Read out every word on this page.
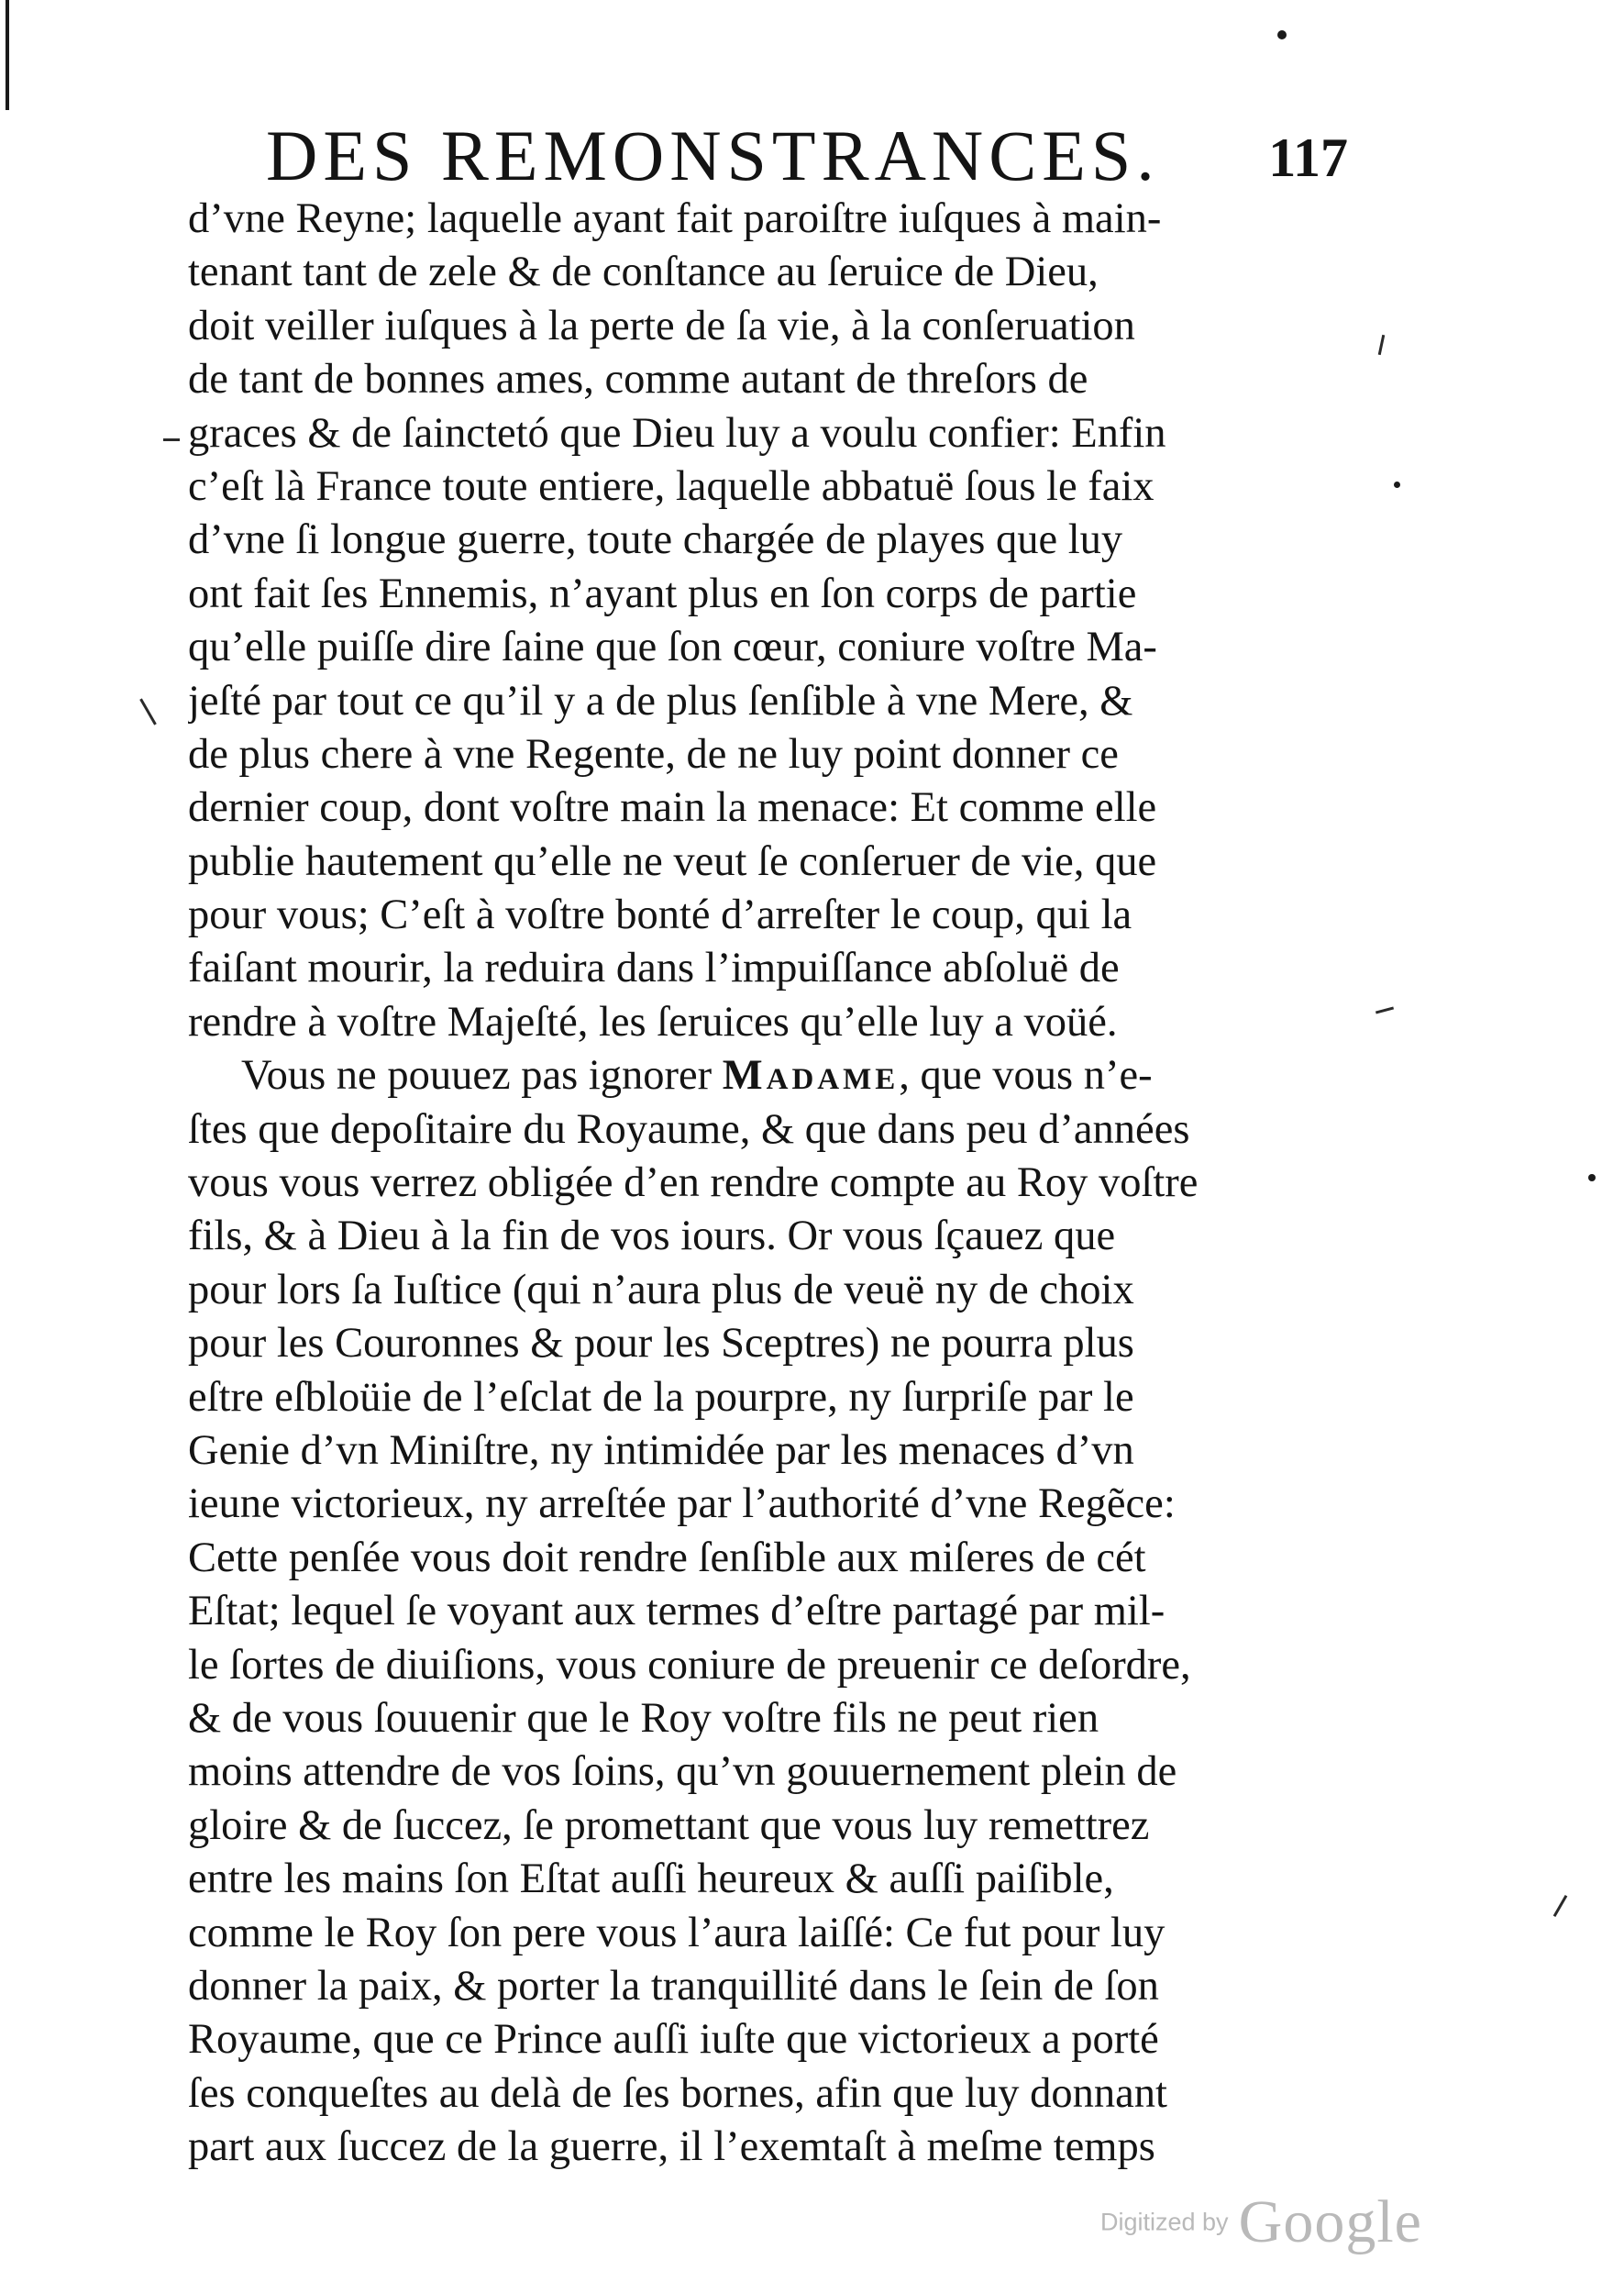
DES REMONSTRANCES. 117
d’vne Reyne; laquelle ayant fait paroiſtre iuſques à main-
tenant tant de zele & de conſtance au ſeruice de Dieu,
doit veiller iuſques à la perte de ſa vie, à la conſeruation
de tant de bonnes ames, comme autant de threſors de
graces & de ſainctetó que Dieu luy a voulu confier: Enfin
c’eſt là France toute entiere, laquelle abbatuë ſous le faix
d’vne ſi longue guerre, toute chargée de playes que luy
ont fait ſes Ennemis, n’ayant plus en ſon corps de partie
qu’elle puiſſe dire ſaine que ſon cœur, coniure voſtre Ma-
jeſté par tout ce qu’il y a de plus ſenſible à vne Mere, &
de plus chere à vne Regente, de ne luy point donner ce
dernier coup, dont voſtre main la menace: Et comme elle
publie hautement qu’elle ne veut ſe conſeruer de vie, que
pour vous; C’eſt à voſtre bonté d’arreſter le coup, qui la
faiſant mourir, la reduira dans l’impuiſſance abſoluë de
rendre à voſtre Majeſté, les ſeruices qu’elle luy a voüé.
Vous ne pouuez pas ignorer Madame, que vous n’e-
ſtes que depoſitaire du Royaume, & que dans peu d’années
vous vous verrez obligée d’en rendre compte au Roy voſtre
fils, & à Dieu à la fin de vos iours. Or vous ſçauez que
pour lors ſa Iuſtice (qui n’aura plus de veuë ny de choix
pour les Couronnes & pour les Sceptres) ne pourra plus
eſtre eſbloüie de l’eſclat de la pourpre, ny ſurpriſe par le
Genie d’vn Miniſtre, ny intimidée par les menaces d’vn
ieune victorieux, ny arreſtée par l’authorité d’vne Regẽce:
Cette penſée vous doit rendre ſenſible aux miſeres de cét
Eſtat; lequel ſe voyant aux termes d’eſtre partagé par mil-
le ſortes de diuiſions, vous coniure de preuenir ce deſordre,
& de vous ſouuenir que le Roy voſtre fils ne peut rien
moins attendre de vos ſoins, qu’vn gouuernement plein de
gloire & de ſuccez, ſe promettant que vous luy remettrez
entre les mains ſon Eſtat auſſi heureux & auſſi paiſible,
comme le Roy ſon pere vous l’aura laiſſé: Ce fut pour luy
donner la paix, & porter la tranquillité dans le ſein de ſon
Royaume, que ce Prince auſſi iuſte que victorieux a porté
ſes conqueſtes au delà de ſes bornes, afin que luy donnant
part aux ſuccez de la guerre, il l’exemtaſt à meſme temps
Digitized by Google
